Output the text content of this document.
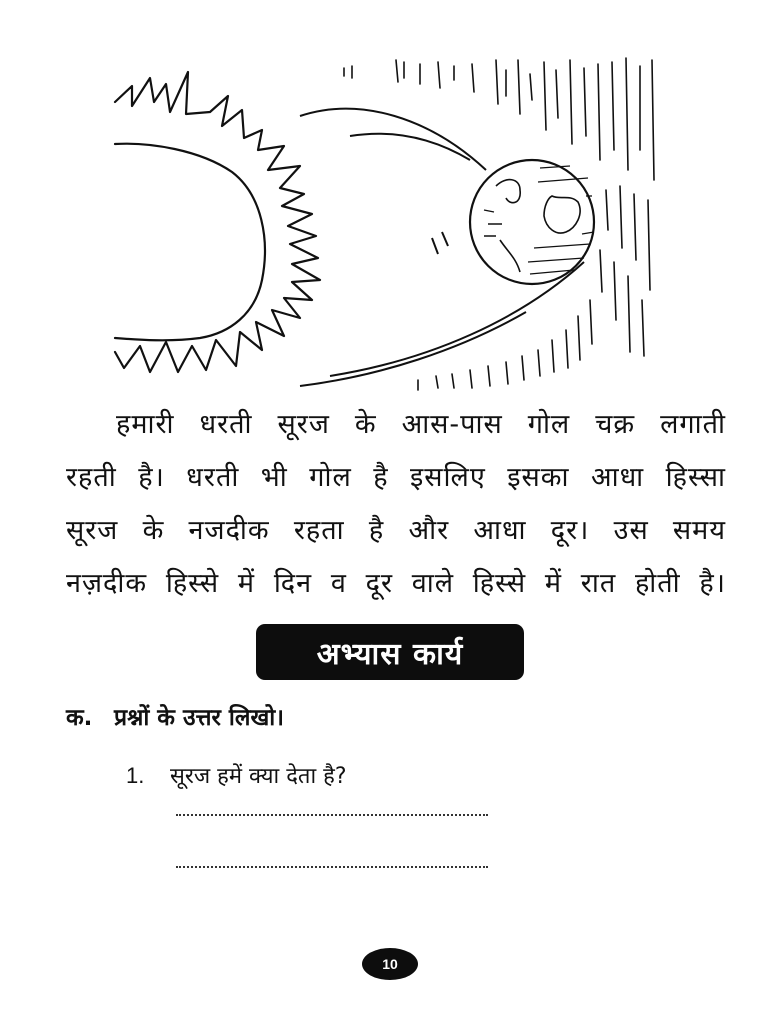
हमारी धरती सूरज के आस-पास गोल चक्र लगाती
रहती है। धरती भी गोल है इसलिए इसका आधा हिस्सा
सूरज के नजदीक रहता है और आधा दूर। उस समय
नज़दीक हिस्से में दिन व दूर वाले हिस्से में रात होती है।
अभ्यास कार्य
क. प्रश्नों के उत्तर लिखो।
1. सूरज हमें क्या देता है?
10
